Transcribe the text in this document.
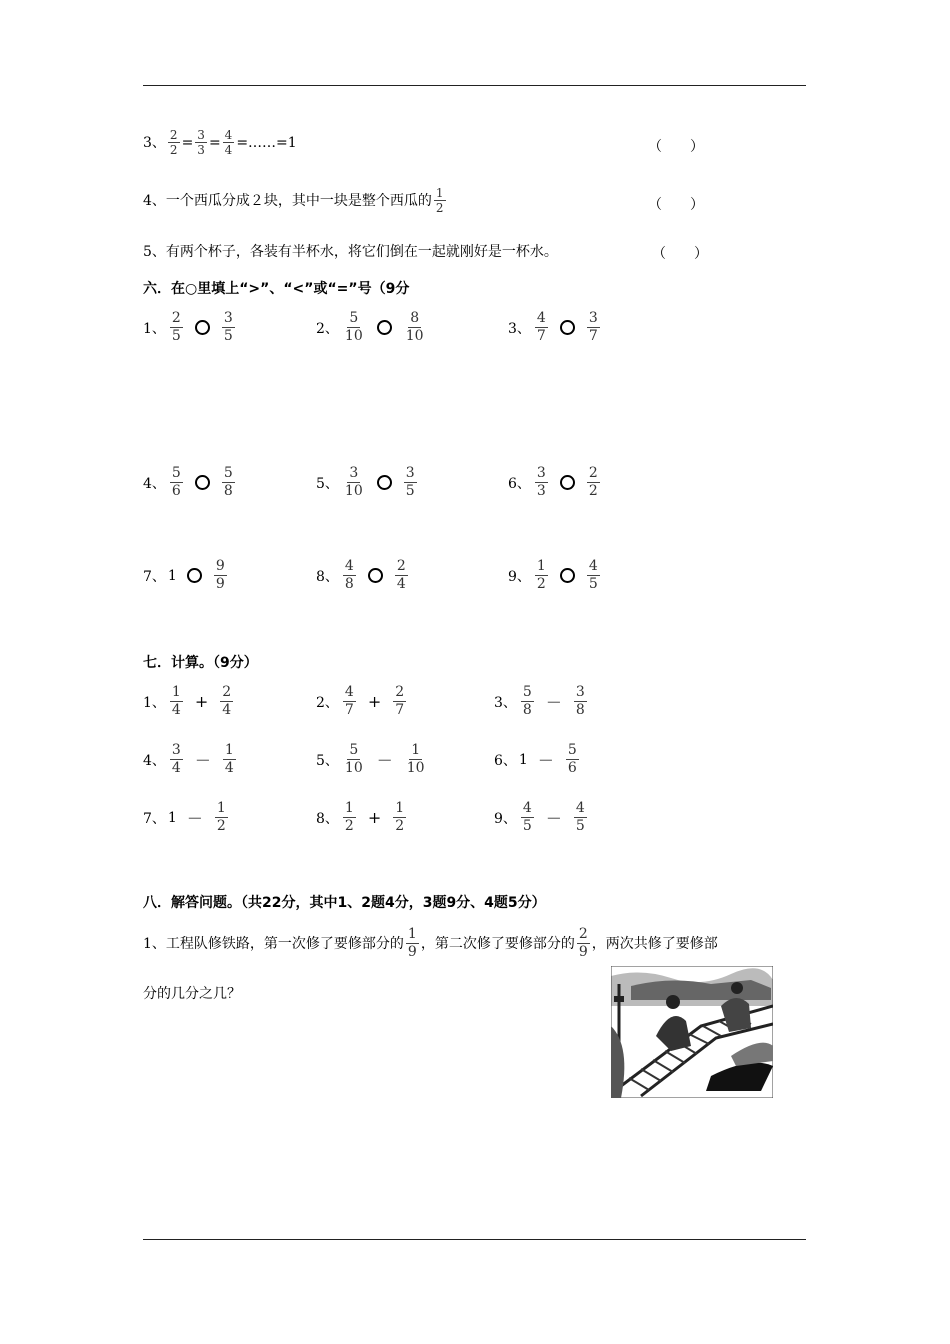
3、 $\frac{2}{2} = \frac{3}{3} = \frac{4}{4}$ =……=1	（　　）
4、一个西瓜分成２块，其中一块是整个西瓜的 $\frac{1}{2}$	（　　）
5、有两个杯子，各装有半杯水，将它们倒在一起就刚好是一杯水。	（　　）
六．在○里填上“>”、“<”或“=”号（9分
1、 $\frac{2}{5}$	$\frac{3}{5}$	2、 $\frac{5}{10}$	$\frac{8}{10}$	3、 $\frac{4}{7}$	$\frac{3}{7}$
4、 $\frac{5}{6}$	$\frac{5}{8}$	5、 $\frac{3}{10}$	$\frac{3}{5}$	6、 $\frac{3}{3}$	$\frac{2}{2}$
7、 1	$\frac{9}{9}$	8、 $\frac{4}{8}$	$\frac{2}{4}$	9、 $\frac{1}{2}$	$\frac{4}{5}$
七．计算。（9分）
1、 $\frac{1}{4} + \frac{2}{4}$	2、 $\frac{4}{7} + \frac{2}{7}$	3、 $\frac{5}{8} - \frac{3}{8}$
4、 $\frac{3}{4} - \frac{1}{4}$	5、 $\frac{5}{10} - \frac{1}{10}$	6、 $1 - \frac{5}{6}$
7、 $1 - \frac{1}{2}$	8、 $\frac{1}{2} + \frac{1}{2}$	9、 $\frac{4}{5} - \frac{4}{5}$
八．解答问题。（共22分，其中1、2题4分，3题9分、4题5分）
1、工程队修铁路，第一次修了要修部分的 $\frac{1}{9}$ ，第二次修了要修部分的 $\frac{2}{9}$ ，两次共修了要修部
分的几分之几？
